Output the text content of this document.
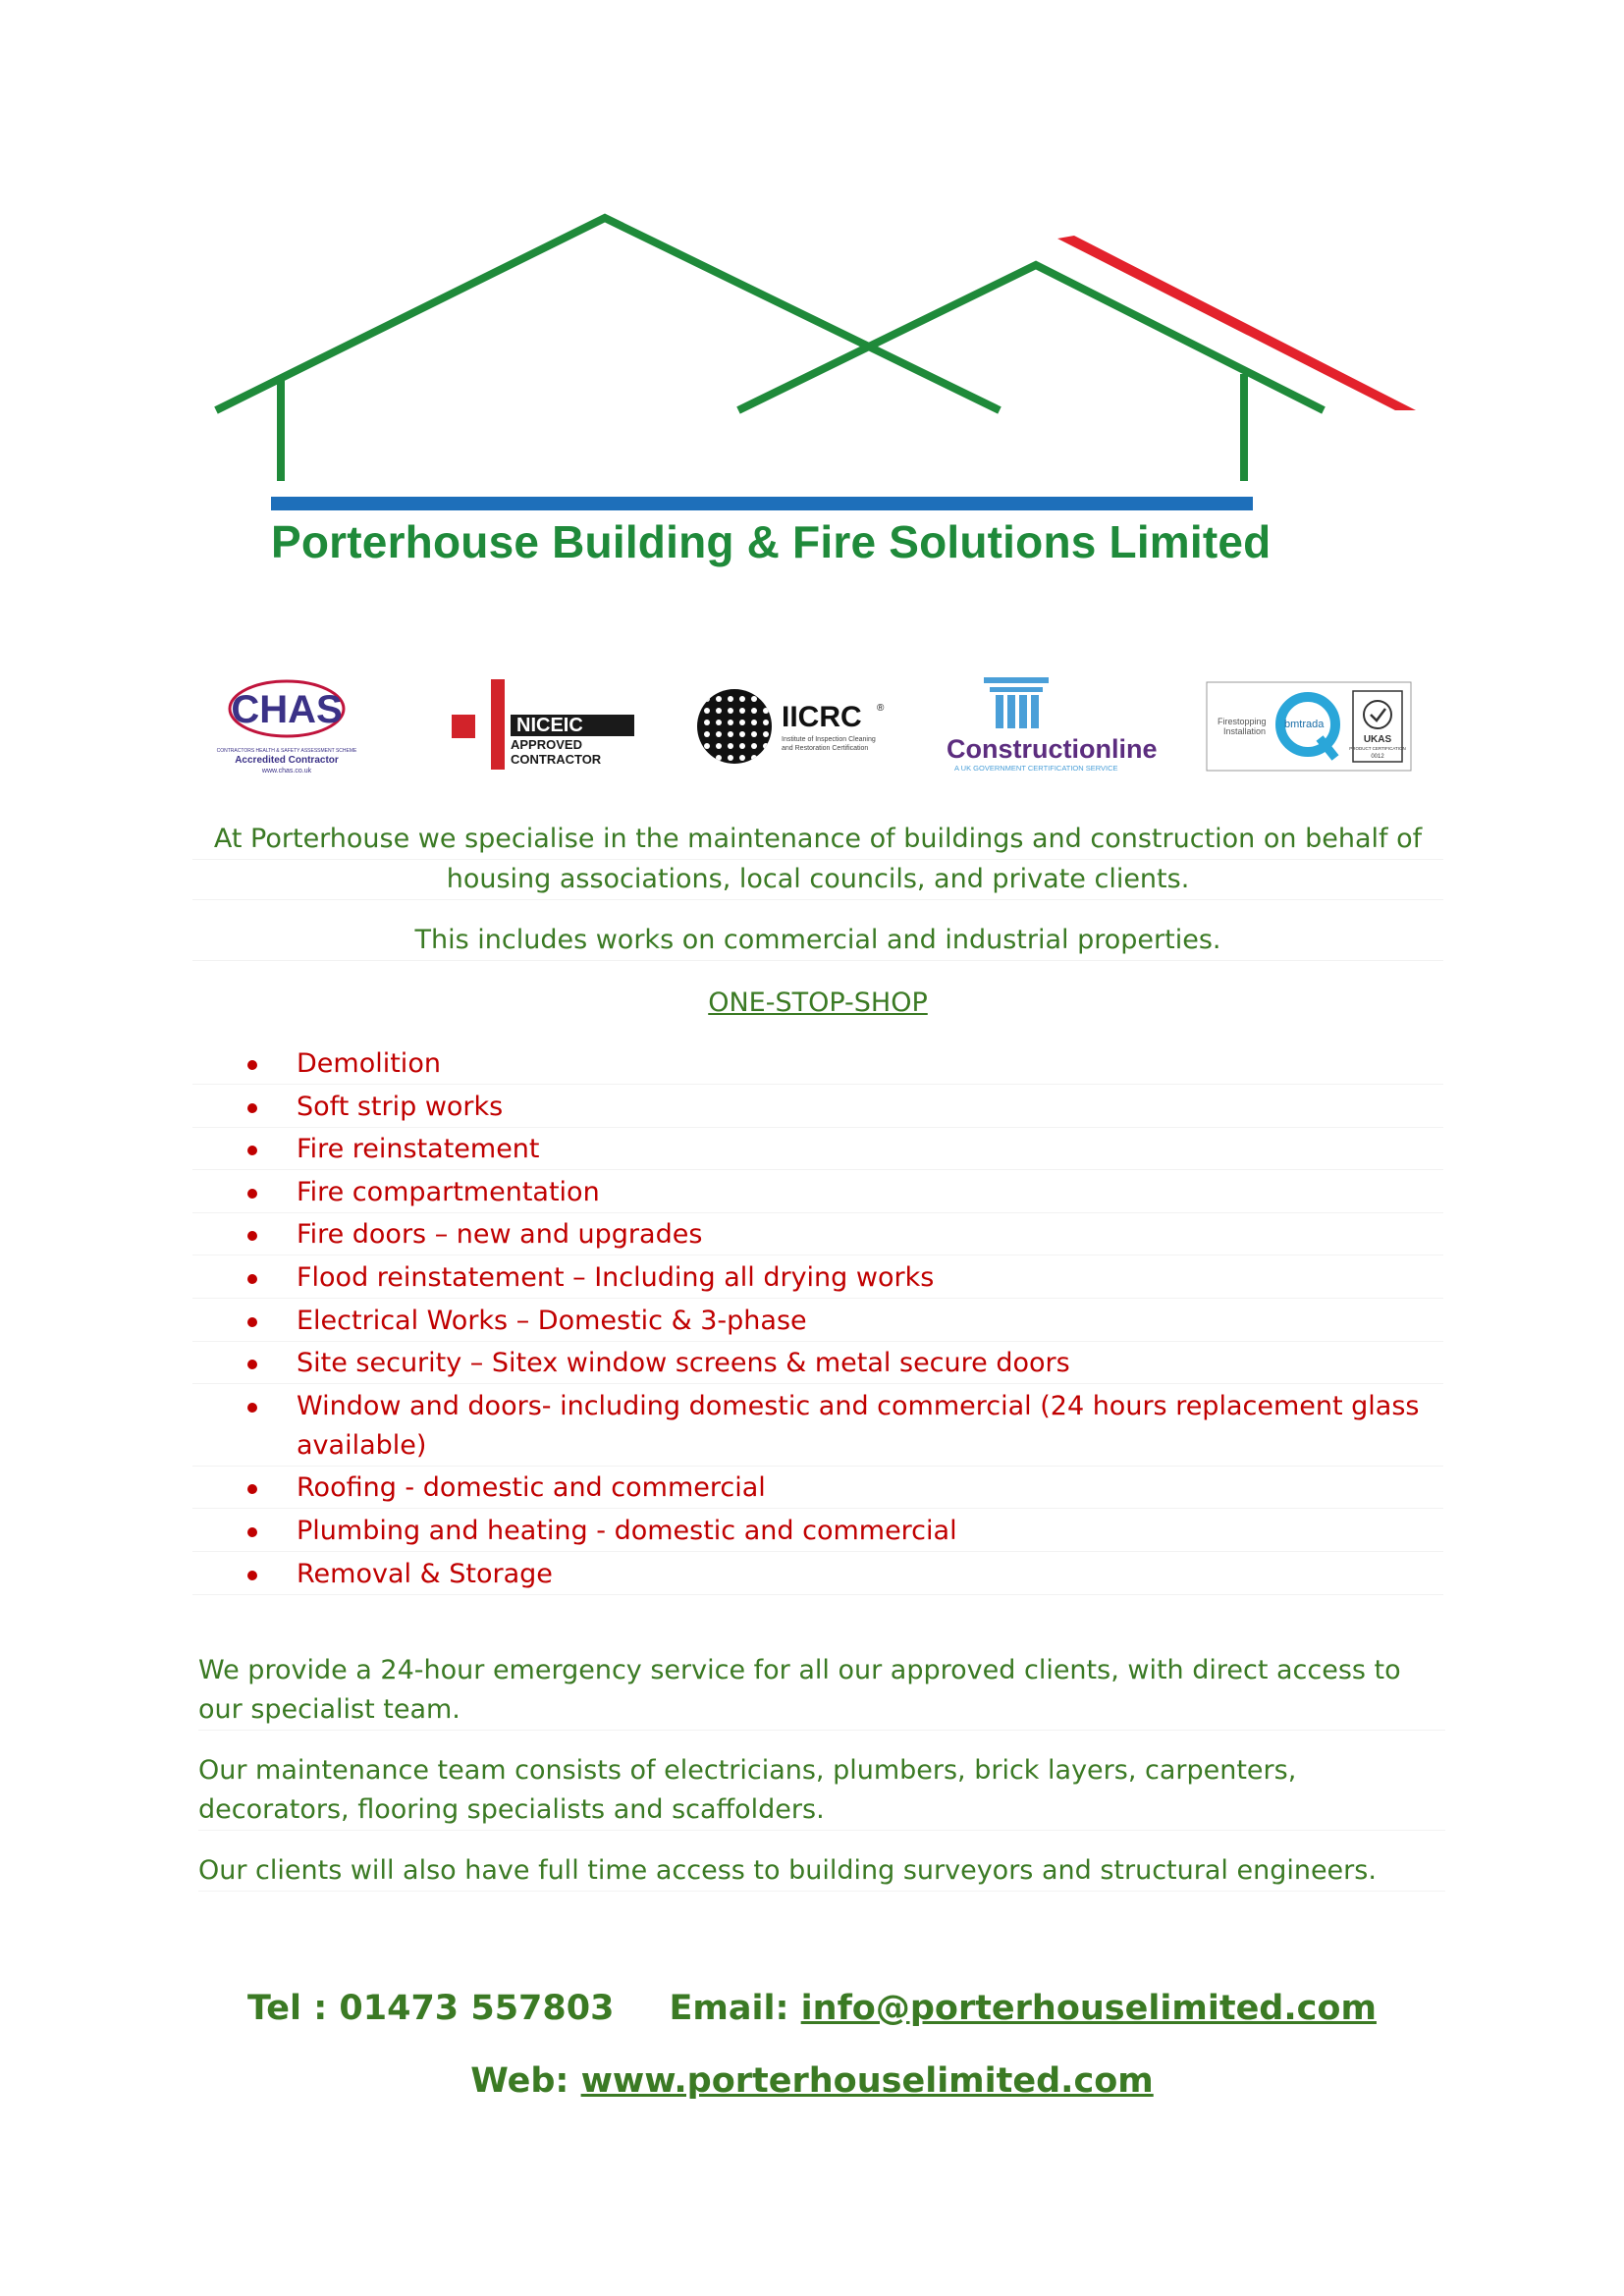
Porterhouse Building & Fire Solutions Limited
CHAS
CONTRACTORS HEALTH & SAFETY ASSESSMENT SCHEME
Accredited Contractor
www.chas.co.uk
NICEIC
APPROVED
CONTRACTOR
IICRC ®
Institute of Inspection Cleaning
and Restoration Certification	Constructionline
A UK GOVERNMENT CERTIFICATION SERVICE
Firestopping
Installation
bmtrada
UKAS
PRODUCT CERTIFICATION
0012
At Porterhouse we specialise in the maintenance of buildings and construction on behalf of
housing associations, local councils, and private clients.
This includes works on commercial and industrial properties.
ONE-STOP-SHOP
Demolition
Soft strip works
Fire reinstatement
Fire compartmentation
Fire doors – new and upgrades
Flood reinstatement – Including all drying works
Electrical Works – Domestic & 3-phase
Site security – Sitex window screens & metal secure doors
Window and doors- including domestic and commercial (24 hours replacement glass available)
Roofing - domestic and commercial
Plumbing and heating - domestic and commercial
Removal & Storage
We provide a 24-hour emergency service for all our approved clients, with direct access to our specialist team.
Our maintenance team consists of electricians, plumbers, brick layers, carpenters, decorators, flooring specialists and scaffolders.
Our clients will also have full time access to building surveyors and structural engineers.
Tel : 01473 557803 Email: info@porterhouselimited.com
Web: www.porterhouselimited.com
